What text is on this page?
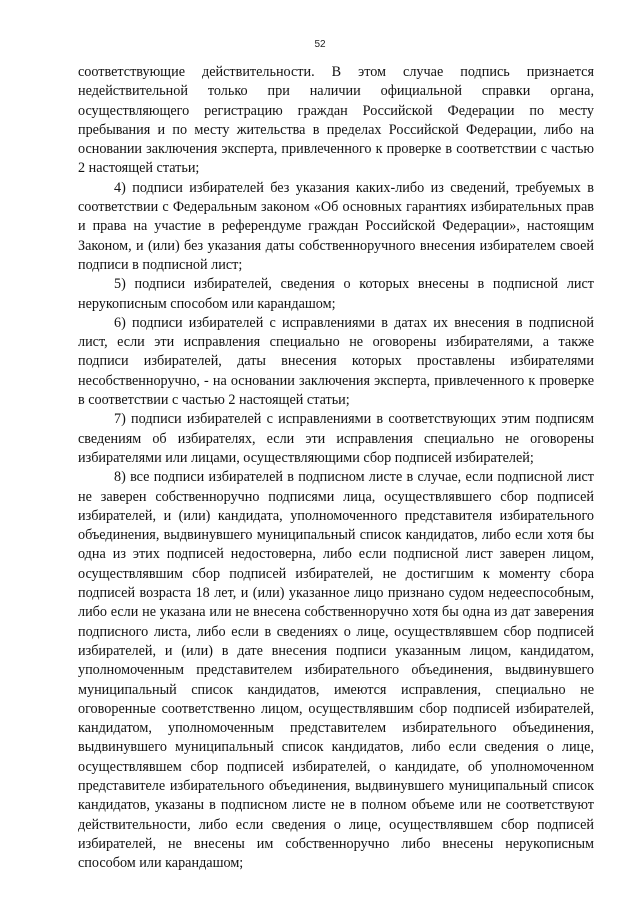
52

соответствующие действительности. В этом случае подпись признается недействительной только при наличии официальной справки органа, осуществляющего регистрацию граждан Российской Федерации по месту пребывания и по месту жительства в пределах Российской Федерации, либо на основании заключения эксперта, привлеченного к проверке в соответствии с частью 2 настоящей статьи;

4) подписи избирателей без указания каких-либо из сведений, требуемых в соответствии с Федеральным законом «Об основных гарантиях избирательных прав и права на участие в референдуме граждан Российской Федерации», настоящим Законом, и (или) без указания даты собственноручного внесения избирателем своей подписи в подписной лист;

5) подписи избирателей, сведения о которых внесены в подписной лист нерукописным способом или карандашом;

6) подписи избирателей с исправлениями в датах их внесения в подписной лист, если эти исправления специально не оговорены избирателями, а также подписи избирателей, даты внесения которых проставлены избирателями несобственноручно, - на основании заключения эксперта, привлеченного к проверке в соответствии с частью 2 настоящей статьи;

7) подписи избирателей с исправлениями в соответствующих этим подписям сведениям об избирателях, если эти исправления специально не оговорены избирателями или лицами, осуществляющими сбор подписей избирателей;

8) все подписи избирателей в подписном листе в случае, если подписной лист не заверен собственноручно подписями лица, осуществлявшего сбор подписей избирателей, и (или) кандидата, уполномоченного представителя избирательного объединения, выдвинувшего муниципальный список кандидатов, либо если хотя бы одна из этих подписей недостоверна, либо если подписной лист заверен лицом, осуществлявшим сбор подписей избирателей, не достигшим к моменту сбора подписей возраста 18 лет, и (или) указанное лицо признано судом недееспособным, либо если не указана или не внесена собственноручно хотя бы одна из дат заверения подписного листа, либо если в сведениях о лице, осуществлявшем сбор подписей избирателей, и (или) в дате внесения подписи указанным лицом, кандидатом, уполномоченным представителем избирательного объединения, выдвинувшего муниципальный список кандидатов, имеются исправления, специально не оговоренные соответственно лицом, осуществлявшим сбор подписей избирателей, кандидатом, уполномоченным представителем избирательного объединения, выдвинувшего муниципальный список кандидатов, либо если сведения о лице, осуществлявшем сбор подписей избирателей, о кандидате, об уполномоченном представителе избирательного объединения, выдвинувшего муниципальный список кандидатов, указаны в подписном листе не в полном объеме или не соответствуют действительности, либо если сведения о лице, осуществлявшем сбор подписей избирателей, не внесены им собственноручно либо внесены нерукописным способом или карандашом;
